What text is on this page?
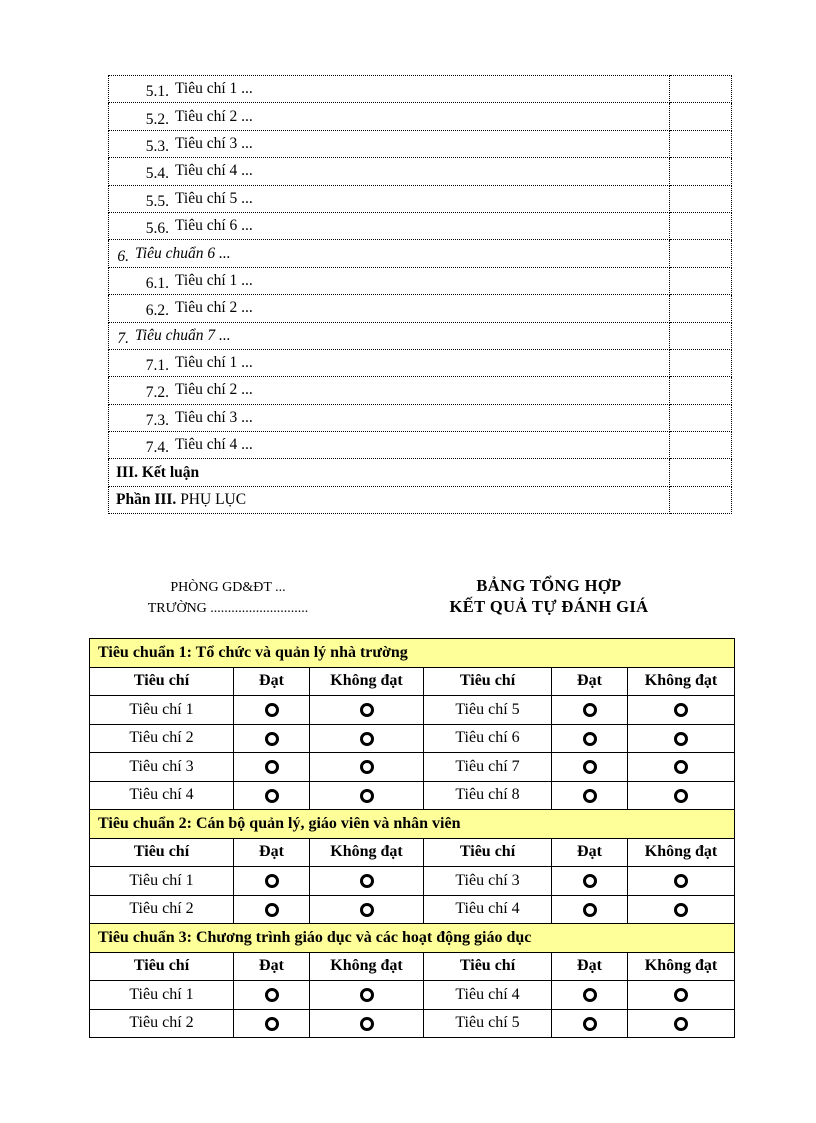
5.1. Tiêu chí 1 ...	
5.2. Tiêu chí 2 ...	
5.3. Tiêu chí 3 ...	
5.4. Tiêu chí 4 ...	
5.5. Tiêu chí 5 ...	
5.6. Tiêu chí 6 ...	
6. Tiêu chuẩn 6 ...	
6.1. Tiêu chí 1 ...	
6.2. Tiêu chí 2 ...	
7. Tiêu chuẩn 7 ...	
7.1. Tiêu chí 1 ...	
7.2. Tiêu chí 2 ...	
7.3. Tiêu chí 3 ...	
7.4. Tiêu chí 4 ...	
III. Kết luận	
Phần III. PHỤ LỤC	
PHÒNG GD&ĐT ...
TRƯỜNG ............................
BẢNG TỔNG HỢP
KẾT QUẢ TỰ ĐÁNH GIÁ
Tiêu chuẩn 1: Tổ chức và quản lý nhà trường					
Tiêu chí	Đạt	Không đạt	Tiêu chí	Đạt	Không đạt
Tiêu chí 1			Tiêu chí 5		
Tiêu chí 2			Tiêu chí 6		
Tiêu chí 3			Tiêu chí 7		
Tiêu chí 4			Tiêu chí 8		
Tiêu chuẩn 2: Cán bộ quản lý, giáo viên và nhân viên					
Tiêu chí	Đạt	Không đạt	Tiêu chí	Đạt	Không đạt
Tiêu chí 1			Tiêu chí 3		
Tiêu chí 2			Tiêu chí 4		
Tiêu chuẩn 3: Chương trình giáo dục và các hoạt động giáo dục					
Tiêu chí	Đạt	Không đạt	Tiêu chí	Đạt	Không đạt
Tiêu chí 1			Tiêu chí 4		
Tiêu chí 2			Tiêu chí 5		
